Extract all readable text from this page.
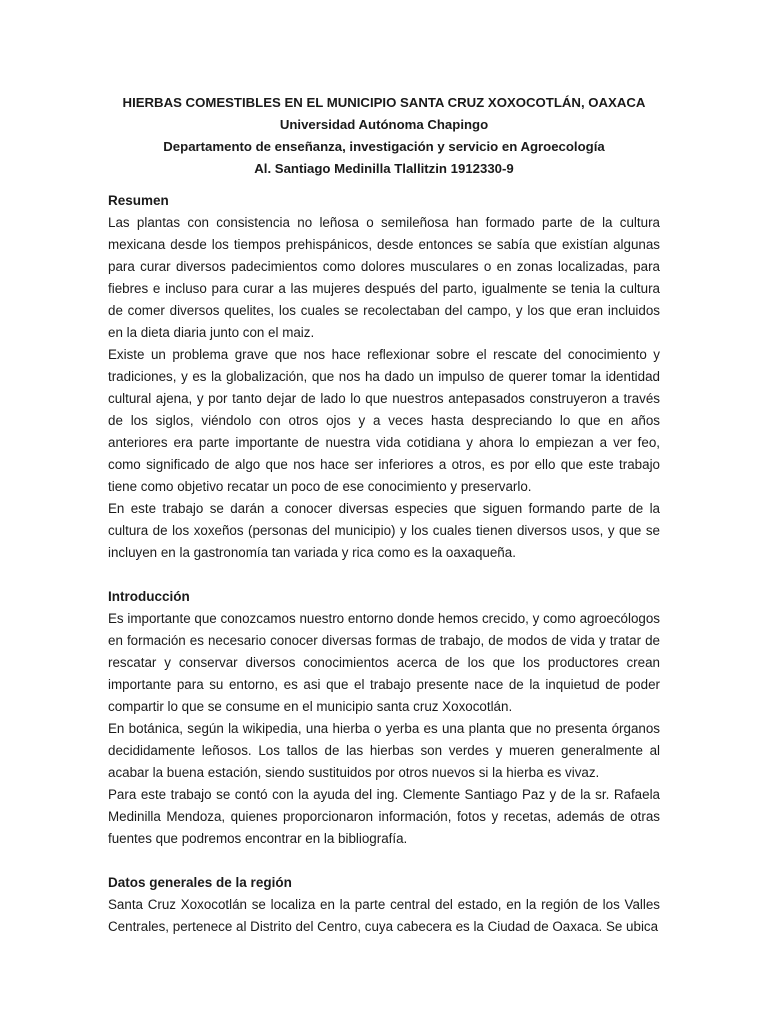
HIERBAS COMESTIBLES EN EL MUNICIPIO SANTA CRUZ XOXOCOTLÁN, OAXACA
Universidad Autónoma Chapingo
Departamento de enseñanza, investigación y servicio en Agroecología
Al. Santiago Medinilla Tlallitzin 1912330-9
Resumen

Las plantas con consistencia no leñosa o semileñosa han formado parte de la cultura mexicana desde los tiempos prehispánicos, desde entonces se sabía que existían algunas para curar diversos padecimientos como dolores musculares o en zonas localizadas, para fiebres e incluso para curar a las mujeres después del parto, igualmente se tenia la cultura de comer diversos quelites, los cuales se recolectaban del campo, y los que eran incluidos en la dieta diaria junto con el maiz.

Existe un problema grave que nos hace reflexionar sobre el rescate del conocimiento y tradiciones, y es la globalización, que nos ha dado un impulso de querer tomar la identidad cultural ajena, y por tanto dejar de lado lo que nuestros antepasados construyeron a través de los siglos, viéndolo con otros ojos y a veces hasta despreciando lo que en años anteriores era parte importante de nuestra vida cotidiana y ahora lo empiezan a ver feo, como significado de algo que nos hace ser inferiores a otros, es por ello que este trabajo tiene como objetivo recatar un poco de ese conocimiento y preservarlo.

En este trabajo se darán a conocer diversas especies que siguen formando parte de la cultura de los xoxeños (personas del municipio) y los cuales tienen diversos usos, y que se incluyen en la gastronomía tan variada y rica como es la oaxaqueña.

Introducción

Es importante que conozcamos nuestro entorno donde hemos crecido, y como agroecólogos en formación es necesario conocer diversas formas de trabajo, de modos de vida y tratar de rescatar y conservar diversos conocimientos acerca de los que los productores crean importante para su entorno, es asi que el trabajo presente nace de la inquietud de poder compartir lo que se consume en el municipio santa cruz Xoxocotlán.

En botánica, según la wikipedia, una hierba o yerba es una planta que no presenta órganos decididamente leñosos. Los tallos de las hierbas son verdes y mueren generalmente al acabar la buena estación, siendo sustituidos por otros nuevos si la hierba es vivaz.

Para este trabajo se contó con la ayuda del ing. Clemente Santiago Paz y de la sr. Rafaela Medinilla Mendoza, quienes proporcionaron información, fotos y recetas, además de otras fuentes que podremos encontrar en la bibliografía.

Datos generales de la región

Santa Cruz Xoxocotlán se localiza en la parte central del estado, en la región de los Valles Centrales, pertenece al Distrito del Centro, cuya cabecera es la Ciudad de Oaxaca. Se ubica
